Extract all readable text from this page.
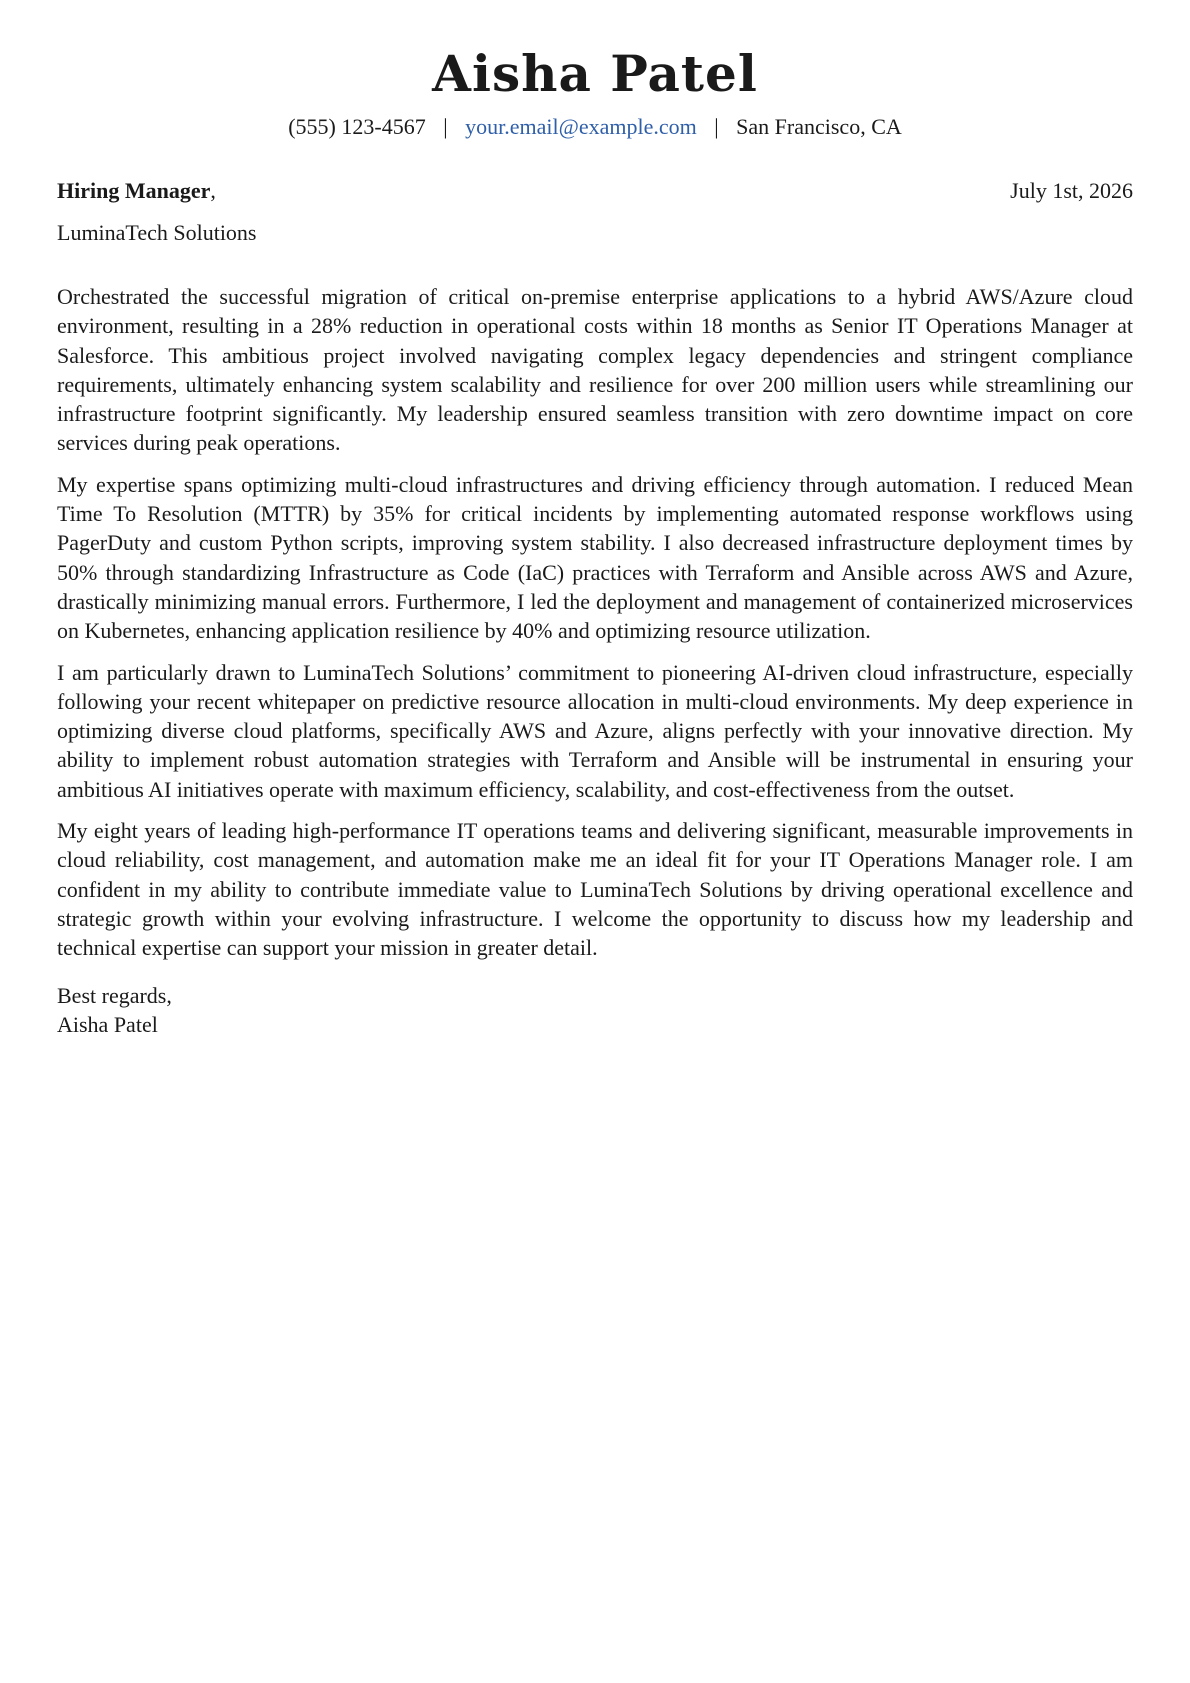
Aisha Patel
(555) 123-4567 | your.email@example.com | San Francisco, CA
Hiring Manager,	July 1st, 2026
LuminaTech Solutions

Orchestrated the successful migration of critical on-premise enterprise applications to a hybrid AWS/Azure cloud environment, resulting in a 28% reduction in operational costs within 18 months as Senior IT Operations Manager at Salesforce. This ambitious project involved navigating complex legacy dependencies and stringent compliance requirements, ultimately enhancing system scalability and resilience for over 200 million users while streamlining our infrastructure footprint significantly. My leadership ensured seamless transition with zero downtime impact on core services during peak operations.

My expertise spans optimizing multi-cloud infrastructures and driving efficiency through automation. I reduced Mean Time To Resolution (MTTR) by 35% for critical incidents by implementing automated response workflows using PagerDuty and custom Python scripts, improving system stability. I also decreased infrastructure deployment times by 50% through standardizing Infrastructure as Code (IaC) practices with Terraform and Ansible across AWS and Azure, drastically minimizing manual errors. Furthermore, I led the deployment and management of containerized microservices on Kubernetes, enhancing application resilience by 40% and optimizing resource utilization.

I am particularly drawn to LuminaTech Solutions’ commitment to pioneering AI-driven cloud infrastructure, especially following your recent whitepaper on predictive resource allocation in multi-cloud environments. My deep experience in optimizing diverse cloud platforms, specifically AWS and Azure, aligns perfectly with your innovative direction. My ability to implement robust automation strategies with Terraform and Ansible will be instrumental in ensuring your ambitious AI initiatives operate with maximum efficiency, scalability, and cost-effectiveness from the outset.

My eight years of leading high-performance IT operations teams and delivering significant, measurable improvements in cloud reliability, cost management, and automation make me an ideal fit for your IT Operations Manager role. I am confident in my ability to contribute immediate value to LuminaTech Solutions by driving operational excellence and strategic growth within your evolving infrastructure. I welcome the opportunity to discuss how my leadership and technical expertise can support your mission in greater detail.

Best regards,
Aisha Patel
